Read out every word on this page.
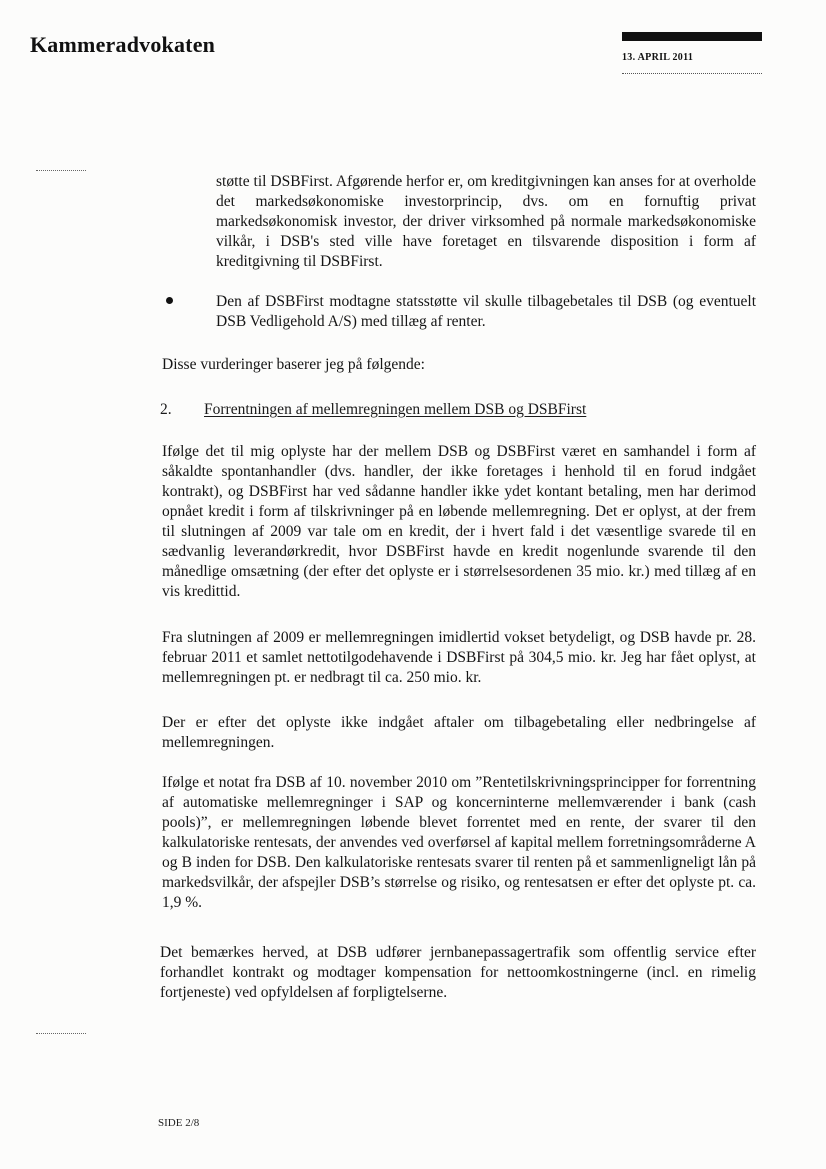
Kammeradvokaten
13. APRIL 2011
støtte til DSBFirst. Afgørende herfor er, om kreditgivningen kan anses for at overholde det markedsøkonomiske investorprincip, dvs. om en fornuftig privat markedsøkonomisk investor, der driver virksomhed på normale markedsøkonomiske vilkår, i DSB's sted ville have foretaget en tilsvarende disposition i form af kreditgivning til DSBFirst.
Den af DSBFirst modtagne statsstøtte vil skulle tilbagebetales til DSB (og eventuelt DSB Vedligehold A/S) med tillæg af renter.
Disse vurderinger baserer jeg på følgende:
2. Forrentningen af mellemregningen mellem DSB og DSBFirst
Ifølge det til mig oplyste har der mellem DSB og DSBFirst været en samhandel i form af såkaldte spontanhandler (dvs. handler, der ikke foretages i henhold til en forud indgået kontrakt), og DSBFirst har ved sådanne handler ikke ydet kontant betaling, men har derimod opnået kredit i form af tilskrivninger på en løbende mellemregning. Det er oplyst, at der frem til slutningen af 2009 var tale om en kredit, der i hvert fald i det væsentlige svarede til en sædvanlig leverandørkredit, hvor DSBFirst havde en kredit nogenlunde svarende til den månedlige omsætning (der efter det oplyste er i størrelsesordenen 35 mio. kr.) med tillæg af en vis kredittid.
Fra slutningen af 2009 er mellemregningen imidlertid vokset betydeligt, og DSB havde pr. 28. februar 2011 et samlet nettotilgodehavende i DSBFirst på 304,5 mio. kr. Jeg har fået oplyst, at mellemregningen pt. er nedbragt til ca. 250 mio. kr.
Der er efter det oplyste ikke indgået aftaler om tilbagebetaling eller nedbringelse af mellemregningen.
Ifølge et notat fra DSB af 10. november 2010 om ”Rentetilskrivningsprincipper for forrentning af automatiske mellemregninger i SAP og koncerninterne mellemværender i bank (cash pools)”, er mellemregningen løbende blevet forrentet med en rente, der svarer til den kalkulatoriske rentesats, der anvendes ved overførsel af kapital mellem forretningsområderne A og B inden for DSB. Den kalkulatoriske rentesats svarer til renten på et sammenligneligt lån på markedsvilkår, der afspejler DSB’s størrelse og risiko, og rentesatsen er efter det oplyste pt. ca. 1,9 %.
Det bemærkes herved, at DSB udfører jernbanepassagertrafik som offentlig service efter forhandlet kontrakt og modtager kompensation for nettoomkostningerne (incl. en rimelig fortjeneste) ved opfyldelsen af forpligtelserne.
SIDE 2/8
